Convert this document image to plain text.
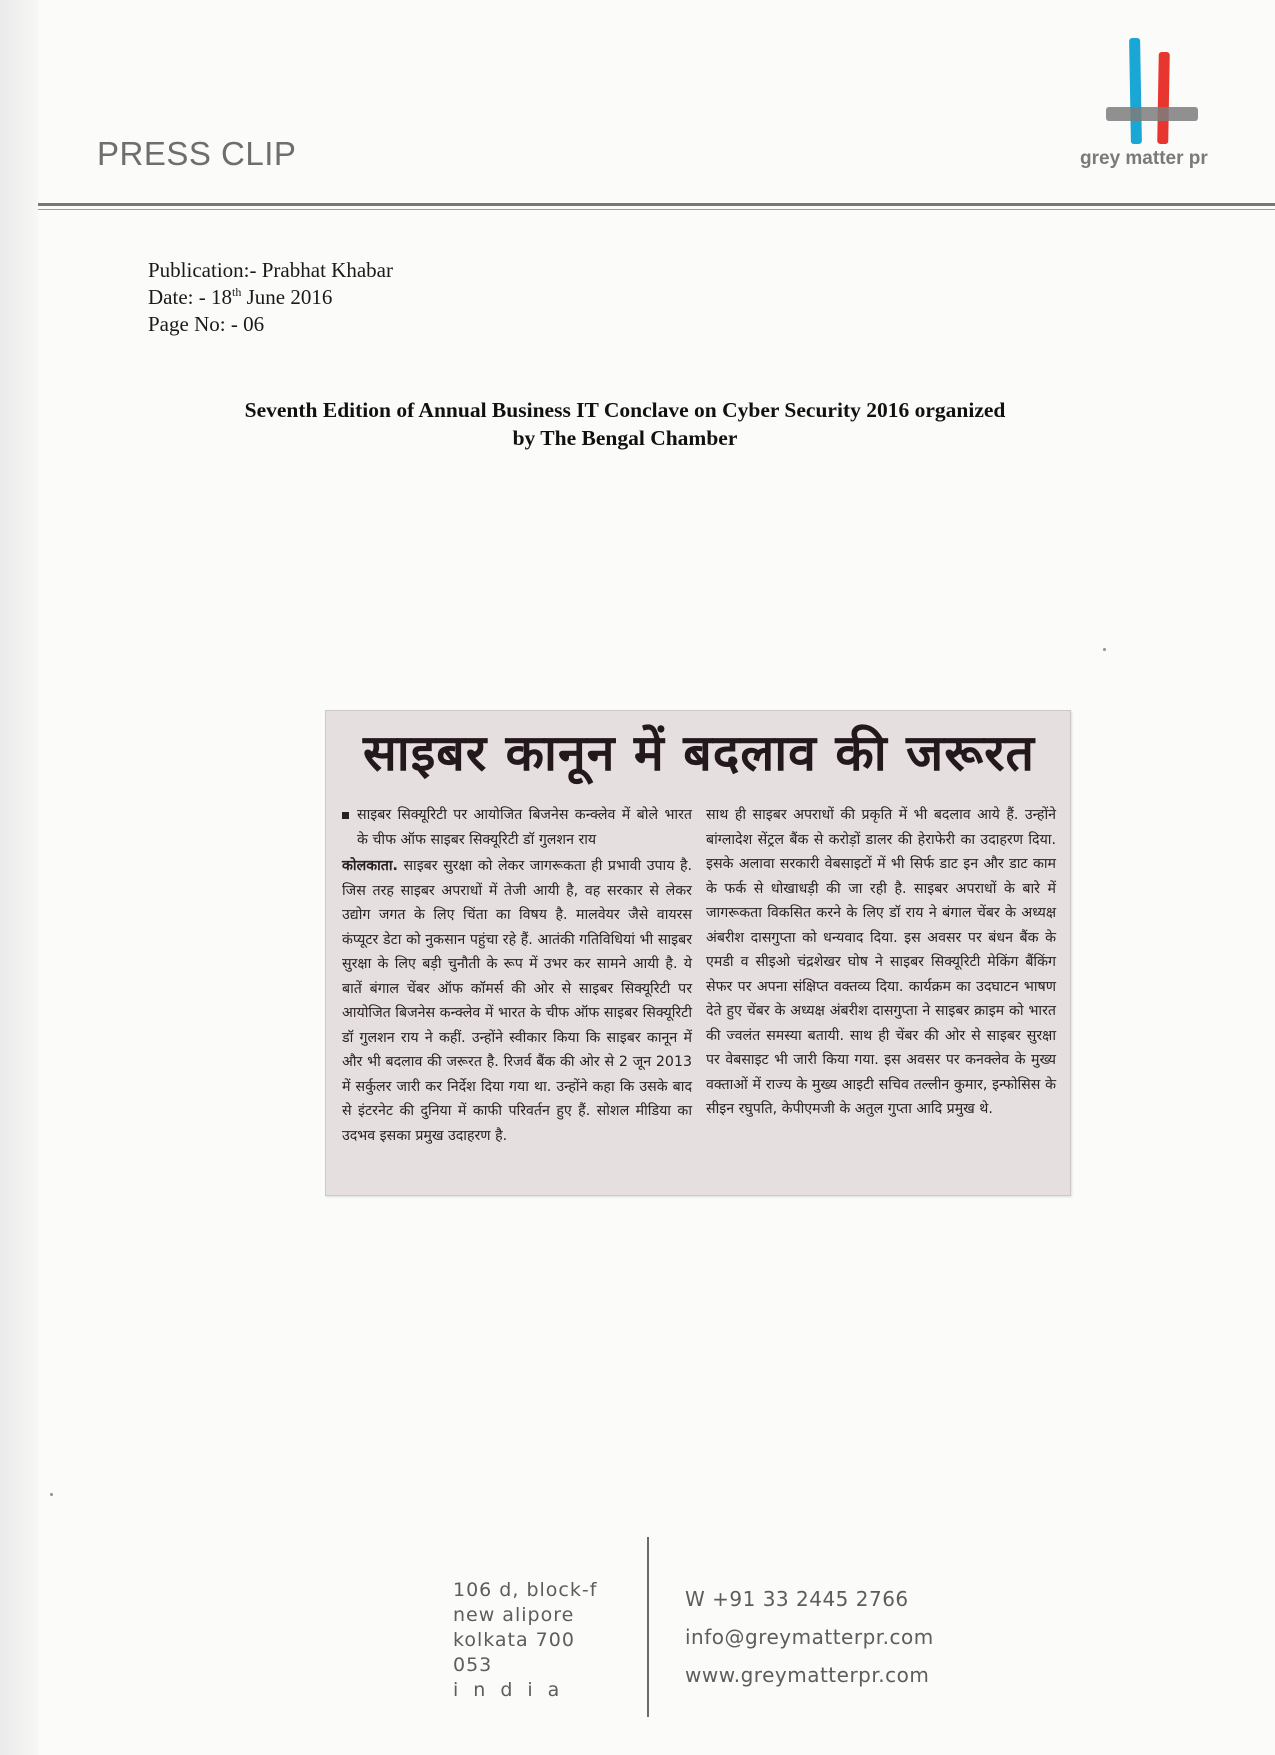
PRESS CLIP	grey matter pr
Publication:- Prabhat Khabar
Date: - 18th June 2016
Page No: - 06
Seventh Edition of Annual Business IT Conclave on Cyber Security 2016 organized
by The Bengal Chamber
साइबर कानून में बदलाव की जरूरत
साइबर सिक्यूरिटी पर आयोजित बिजनेस कन्क्लेव में बोले भारत के चीफ ऑफ साइबर सिक्यूरिटी डॉ गुलशन राय
कोलकाता. साइबर सुरक्षा को लेकर जागरूकता ही प्रभावी उपाय है. जिस तरह साइबर अपराधों में तेजी आयी है, वह सरकार से लेकर उद्योग जगत के लिए चिंता का विषय है. मालवेयर जैसे वायरस कंप्यूटर डेटा को नुकसान पहुंचा रहे हैं. आतंकी गतिविधियां भी साइबर सुरक्षा के लिए बड़ी चुनौती के रूप में उभर कर सामने आयी है. ये बातें बंगाल चेंबर ऑफ कॉमर्स की ओर से साइबर सिक्यूरिटी पर आयोजित बिजनेस कन्क्लेव में भारत के चीफ ऑफ साइबर सिक्यूरिटी डॉ गुलशन राय ने कहीं. उन्होंने स्वीकार किया कि साइबर कानून में और भी बदलाव की जरूरत है. रिजर्व बैंक की ओर से 2 जून 2013 में सर्कुलर जारी कर निर्देश दिया गया था. उन्होंने कहा कि उसके बाद से इंटरनेट की दुनिया में काफी परिवर्तन हुए हैं. सोशल मीडिया का उदभव इसका प्रमुख उदाहरण है.
साथ ही साइबर अपराधों की प्रकृति में भी बदलाव आये हैं. उन्होंने बांग्लादेश सेंट्रल बैंक से करोड़ों डालर की हेराफेरी का उदाहरण दिया. इसके अलावा सरकारी वेबसाइटों में भी सिर्फ डाट इन और डाट काम के फर्क से धोखाधड़ी की जा रही है. साइबर अपराधों के बारे में जागरूकता विकसित करने के लिए डॉ राय ने बंगाल चेंबर के अध्यक्ष अंबरीश दासगुप्ता को धन्यवाद दिया. इस अवसर पर बंधन बैंक के एमडी व सीइओ चंद्रशेखर घोष ने साइबर सिक्यूरिटी मेकिंग बैंकिंग सेफर पर अपना संक्षिप्त वक्तव्य दिया. कार्यक्रम का उदघाटन भाषण देते हुए चेंबर के अध्यक्ष अंबरीश दासगुप्ता ने साइबर क्राइम को भारत की ज्वलंत समस्या बतायी. साथ ही चेंबर की ओर से साइबर सुरक्षा पर वेबसाइट भी जारी किया गया. इस अवसर पर कनक्लेव के मुख्य वक्ताओं में राज्य के मुख्य आइटी सचिव तल्लीन कुमार, इन्फोसिस के सीइन रघुपति, केपीएमजी के अतुल गुप्ता आदि प्रमुख थे.
106 d, block-f
new alipore
kolkata 700 053
india
W +91 33 2445 2766
info@greymatterpr.com
www.greymatterpr.com
